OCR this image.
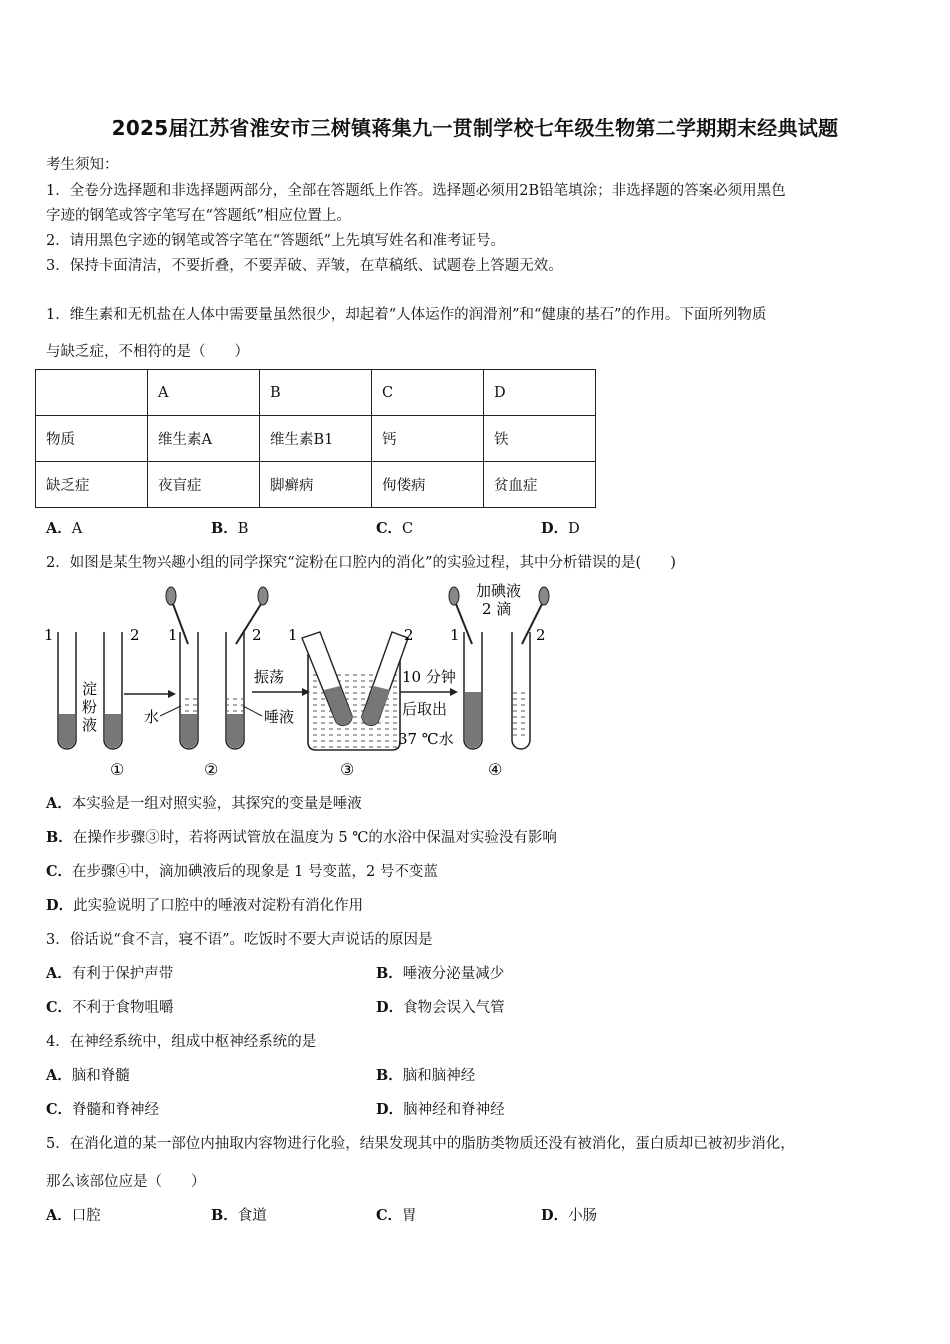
2025届江苏省淮安市三树镇蒋集九一贯制学校七年级生物第二学期期末经典试题
考生须知：
1．全卷分选择题和非选择题两部分，全部在答题纸上作答。选择题必须用2B铅笔填涂；非选择题的答案必须用黑色
字迹的钢笔或答字笔写在“答题纸”相应位置上。
2．请用黑色字迹的钢笔或答字笔在“答题纸”上先填写姓名和准考证号。
3．保持卡面清洁，不要折叠，不要弄破、弄皱，在草稿纸、试题卷上答题无效。
1．维生素和无机盐在人体中需要量虽然很少，却起着“人体运作的润滑剂”和“健康的基石”的作用。下面所列物质
与缺乏症，不相符的是（　　）
	A	B	C	D
物质	维生素A	维生素B1	钙	铁
缺乏症	夜盲症	脚癣病	佝偻病	贫血症
A．A	B．B	C．C	D．D
2．如图是某生物兴趣小组的同学探究“淀粉在口腔内的消化”的实验过程，其中分析错误的是(　　)
1	2
淀
粉
液
①
1	2
水	唾液
振荡
②
1	2
10 分钟
后取出
37 ℃水
③
1	2
加碘液
2 滴
④
A．本实验是一组对照实验，其探究的变量是唾液
B．在操作步骤③时，若将两试管放在温度为 5 ℃的水浴中保温对实验没有影响
C．在步骤④中，滴加碘液后的现象是 1 号变蓝，2 号不变蓝
D．此实验说明了口腔中的唾液对淀粉有消化作用
3．俗话说“食不言，寝不语”。吃饭时不要大声说话的原因是
A．有利于保护声带	B．唾液分泌量减少
C．不利于食物咀嚼	D．食物会误入气管
4．在神经系统中，组成中枢神经系统的是
A．脑和脊髓	B．脑和脑神经
C．脊髓和脊神经	D．脑神经和脊神经
5．在消化道的某一部位内抽取内容物进行化验，结果发现其中的脂肪类物质还没有被消化，蛋白质却已被初步消化，
那么该部位应是（　　）
A．口腔	B．食道	C．胃	D．小肠
